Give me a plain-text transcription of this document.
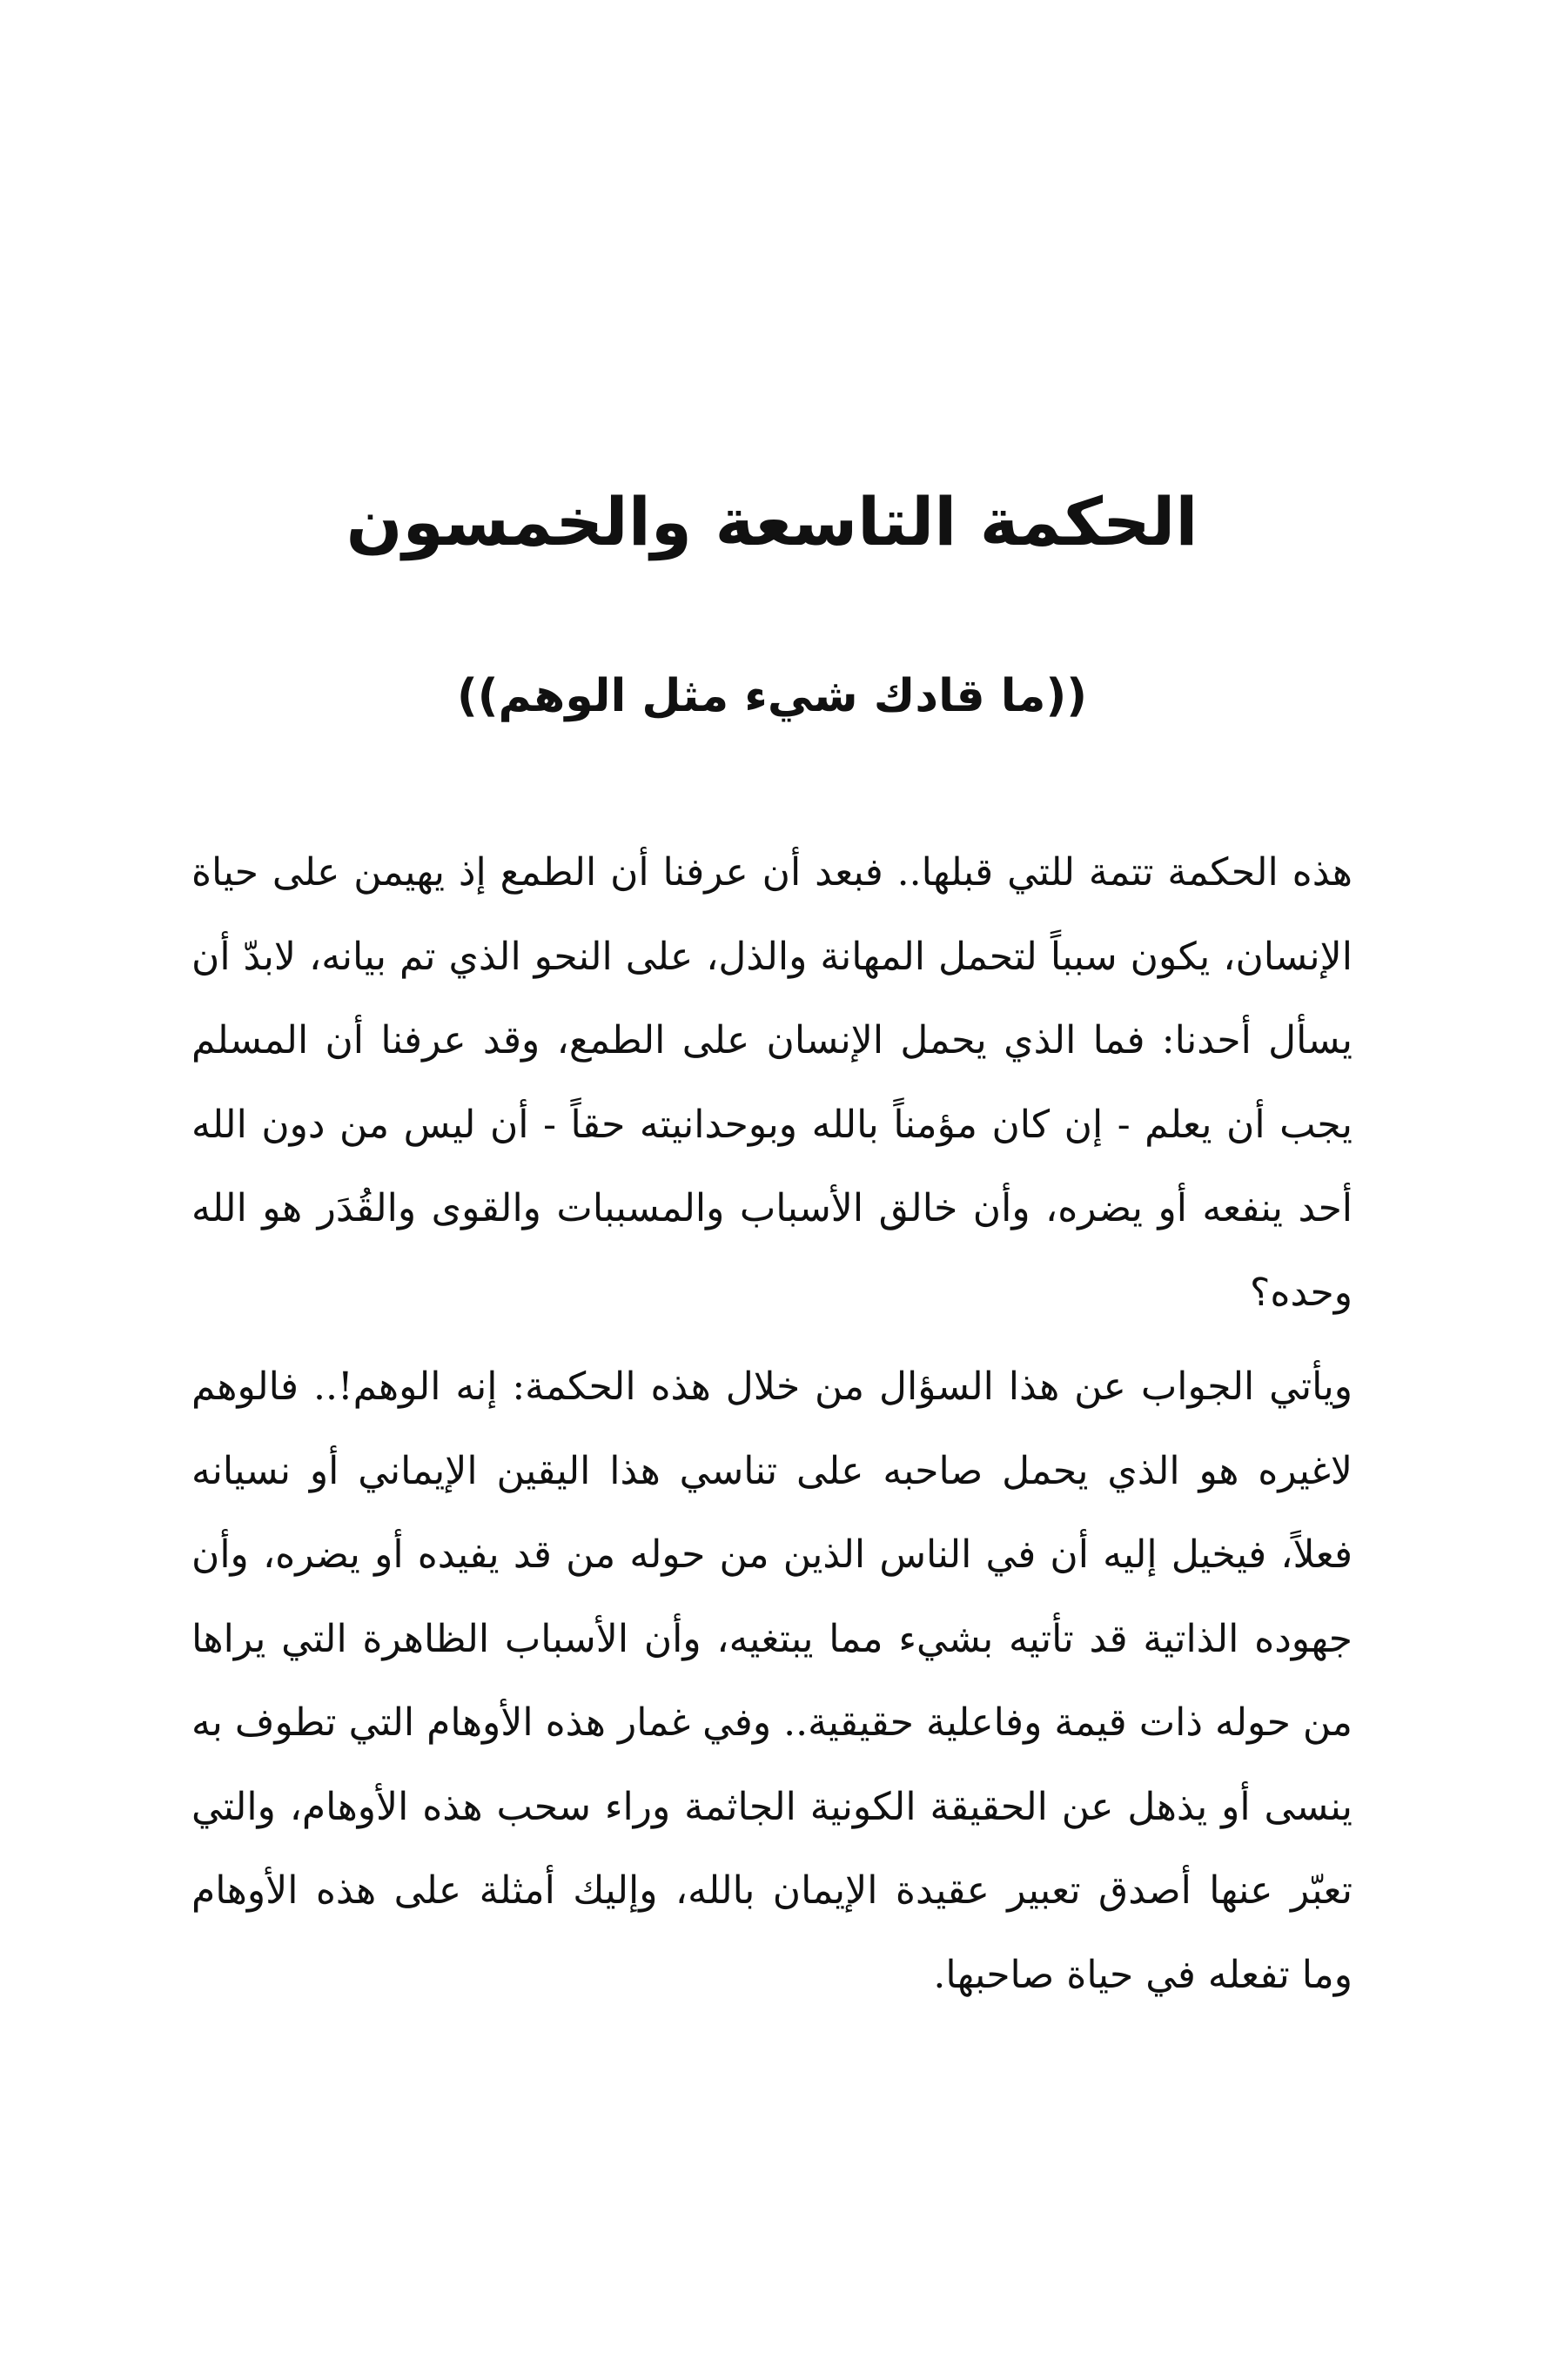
الحكمة التاسعة والخمسون
((ما قادك شيء مثل الوهم))

هذه الحكمة تتمة للتي قبلها.. فبعد أن عرفنا أن الطمع إذ يهيمن على حياة الإنسان، يكون سبباً لتحمل المهانة والذل، على النحو الذي تم بيانه، لابدّ أن يسأل أحدنا: فما الذي يحمل الإنسان على الطمع، وقد عرفنا أن المسلم يجب أن يعلم - إن كان مؤمناً بالله وبوحدانيته حقاً - أن ليس من دون الله أحد ينفعه أو يضره، وأن خالق الأسباب والمسببات والقوى والقُدَر هو الله وحده؟

ويأتي الجواب عن هذا السؤال من خلال هذه الحكمة: إنه الوهم!.. فالوهم لاغيره هو الذي يحمل صاحبه على تناسي هذا اليقين الإيماني أو نسيانه فعلاً، فيخيل إليه أن في الناس الذين من حوله من قد يفيده أو يضره، وأن جهوده الذاتية قد تأتيه بشيء مما يبتغيه، وأن الأسباب الظاهرة التي يراها من حوله ذات قيمة وفاعلية حقيقية.. وفي غمار هذه الأوهام التي تطوف به ينسى أو يذهل عن الحقيقة الكونية الجاثمة وراء سحب هذه الأوهام، والتي تعبّر عنها أصدق تعبير عقيدة الإيمان بالله، وإليك أمثلة على هذه الأوهام وما تفعله في حياة صاحبها.
